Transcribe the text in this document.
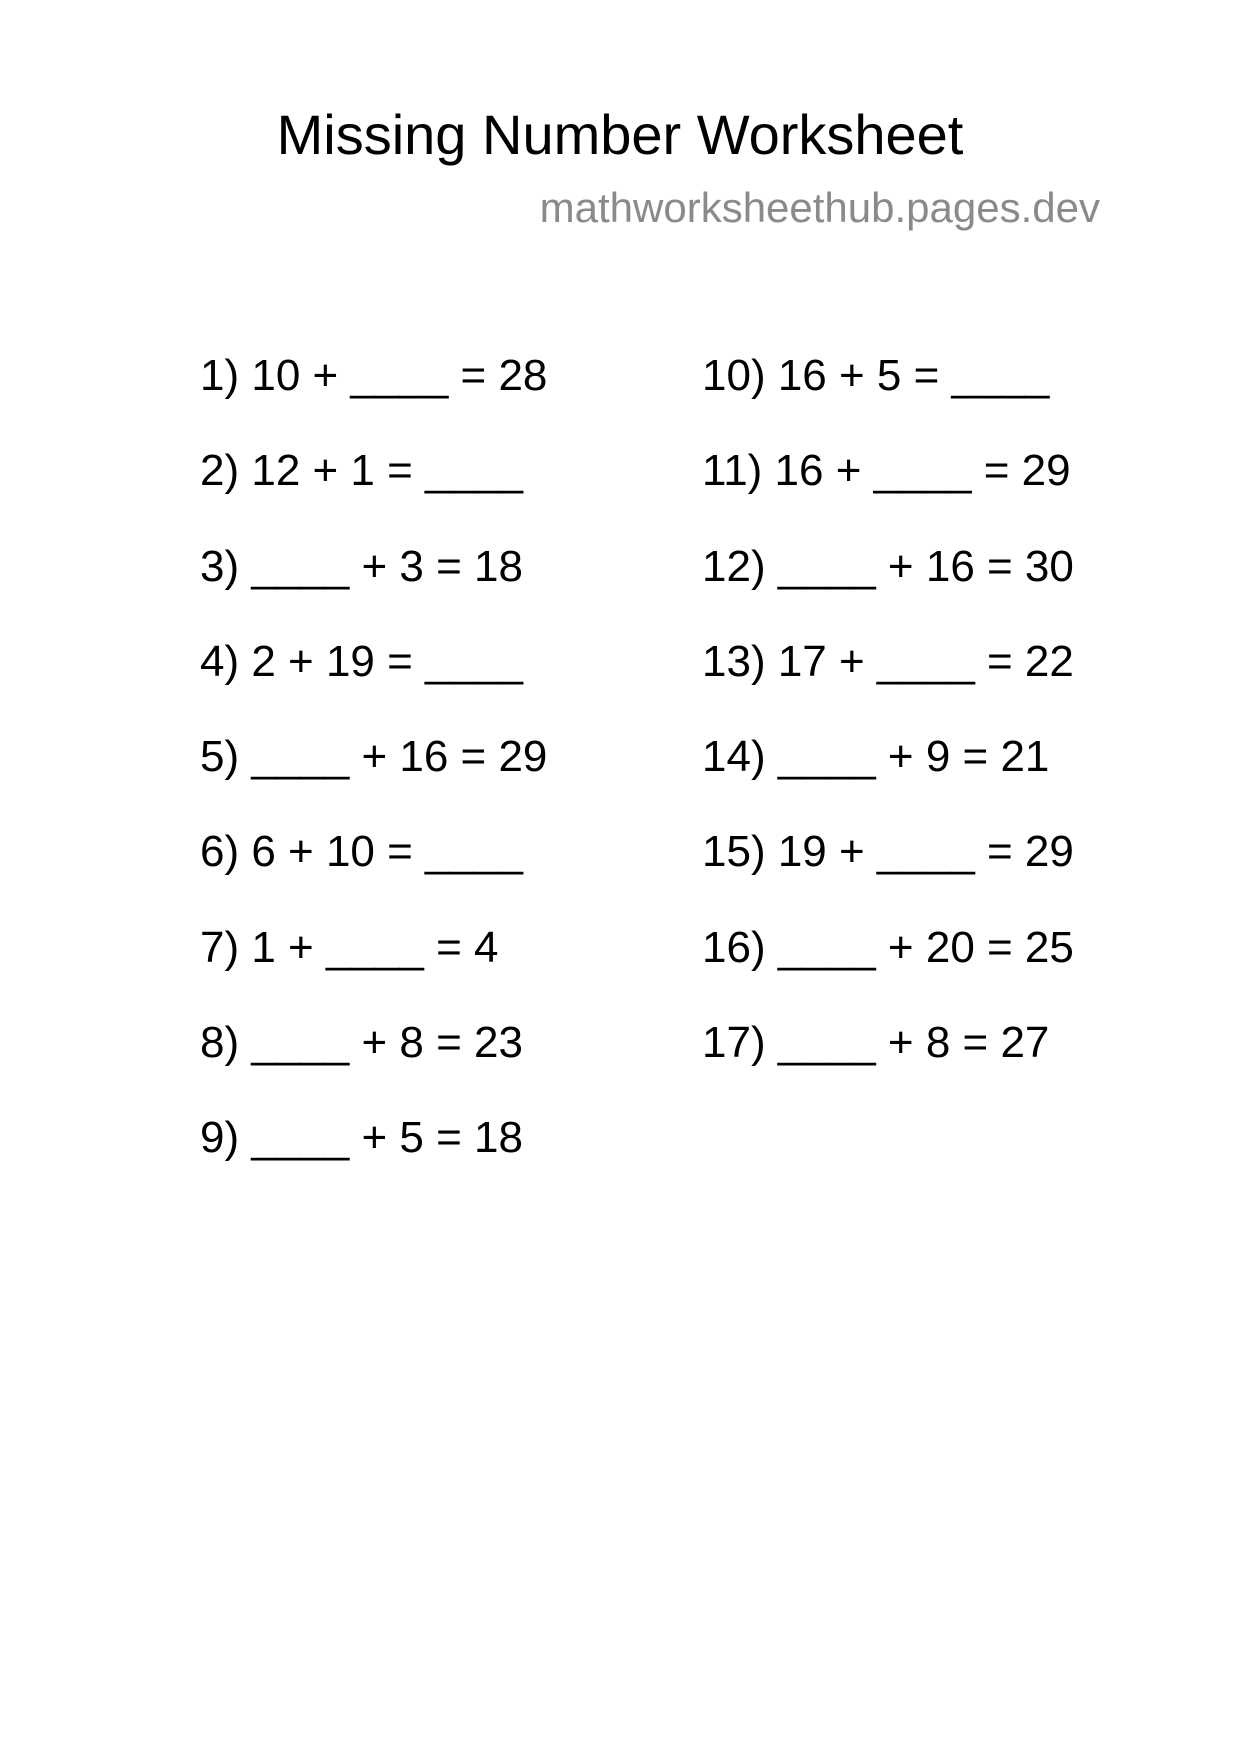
Missing Number Worksheet
mathworksheethub.pages.dev
1) 10 + ____ = 28
2) 12 + 1 = ____
3) ____ + 3 = 18
4) 2 + 19 = ____
5) ____ + 16 = 29
6) 6 + 10 = ____
7) 1 + ____ = 4
8) ____ + 8 = 23
9) ____ + 5 = 18
10) 16 + 5 = ____
11) 16 + ____ = 29
12) ____ + 16 = 30
13) 17 + ____ = 22
14) ____ + 9 = 21
15) 19 + ____ = 29
16) ____ + 20 = 25
17) ____ + 8 = 27
